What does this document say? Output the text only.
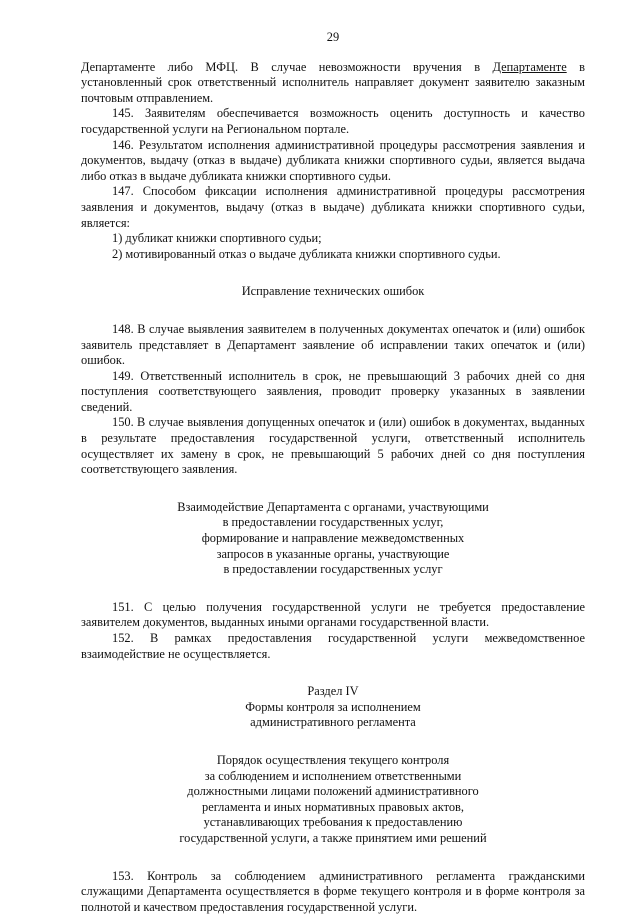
29

Департаменте либо МФЦ. В случае невозможности вручения в Департаменте в установленный срок ответственный исполнитель направляет документ заявителю заказным почтовым отправлением.

145. Заявителям обеспечивается возможность оценить доступность и качество государственной услуги на Региональном портале.

146. Результатом исполнения административной процедуры рассмотрения заявления и документов, выдачу (отказ в выдаче) дубликата книжки спортивного судьи, является выдача либо отказ в выдаче дубликата книжки спортивного судьи.

147. Способом фиксации исполнения административной процедуры рассмотрения заявления и документов, выдачу (отказ в выдаче) дубликата книжки спортивного судьи, является:

1) дубликат книжки спортивного судьи;

2) мотивированный отказ о выдаче дубликата книжки спортивного судьи.

Исправление технических ошибок

148. В случае выявления заявителем в полученных документах опечаток и (или) ошибок заявитель представляет в Департамент заявление об исправлении таких опечаток и (или) ошибок.

149. Ответственный исполнитель в срок, не превышающий 3 рабочих дней со дня поступления соответствующего заявления, проводит проверку указанных в заявлении сведений.

150. В случае выявления допущенных опечаток и (или) ошибок в документах, выданных в результате предоставления государственной услуги, ответственный исполнитель осуществляет их замену в срок, не превышающий 5 рабочих дней со дня поступления соответствующего заявления.

Взаимодействие Департамента с органами, участвующими

в предоставлении государственных услуг,

формирование и направление межведомственных

запросов в указанные органы, участвующие

в предоставлении государственных услуг

151. С целью получения государственной услуги не требуется предоставление заявителем документов, выданных иными органами государственной власти.

152. В рамках предоставления государственной услуги межведомственное взаимодействие не осуществляется.

Раздел IV

Формы контроля за исполнением

административного регламента

Порядок осуществления текущего контроля

за соблюдением и исполнением ответственными

должностными лицами положений административного

регламента и иных нормативных правовых актов,

устанавливающих требования к предоставлению

государственной услуги, а также принятием ими решений

153. Контроль за соблюдением административного регламента гражданскими служащими Департамента осуществляется в форме текущего контроля и в форме контроля за полнотой и качеством предоставления государственной услуги.
